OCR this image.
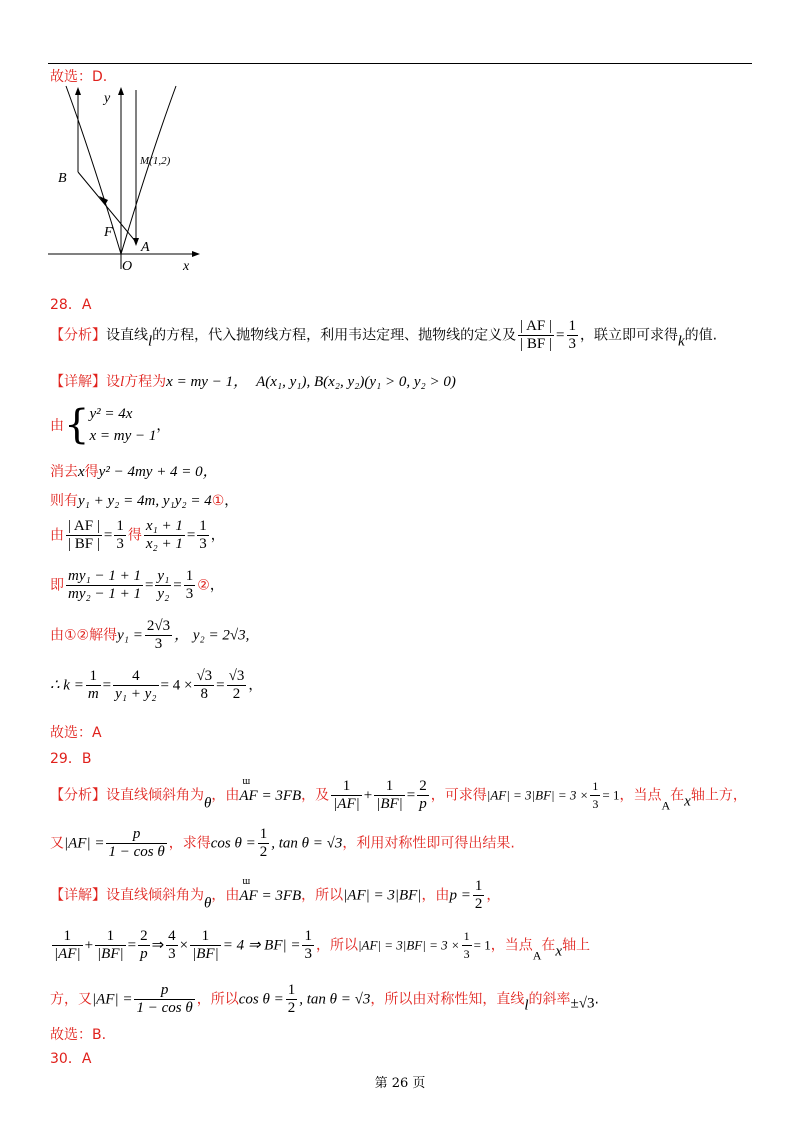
故选：D.
B
F
A
O	x
y
M(1,2)
28．A
【分析】设直线l的方程，代入抛物线方程，利用韦达定理、抛物线的定义及 $\frac{| AF |}{| BF |} = \frac{1}{3}$ ，联立即可求得k的值.
【详解】设l方程为x = my − 1， A(x₁, y₁), B(x₂, y₂)(y₁ > 0, y₂ > 0)
由{ y² = 4x
x = my − 1
，
消去x得y² − 4my + 4 = 0，
则有y₁ + y₂ = 4m, y₁y₂ = 4①，
由 $\frac{| AF |}{| BF |} = \frac{1}{3}$ 得 $\frac{\text{x₁ + 1}}{\text{x₂ + 1}} = \frac{1}{3}$ ，
即 $\frac{\text{my₁ − 1 + 1}}{\text{my₂ − 1 + 1}} = \frac{\text{y₁}}{\text{y₂}} = \frac{1}{3}$ ②，
由①②解得$y_1 = \frac{2√3}{3}$ ， y₂ = 2√3,
∴ $k = \frac{1}{m} = \frac{4}{\text{y₁ + y₂}} = 4 \times \frac{√3}{8} = \frac{√3}{2}$ ，
故选：A
29．B
【分析】设直线倾斜角为θ，由ɯ AF = 3FB，及 $\frac{1}{|AF|} + \frac{1}{|BF|} = \frac{2}{p}$ ，可求得$|AF| = 3|BF| = 3 \times \frac{1}{3} = 1$，当点A在x轴上方，
又$|AF| = \frac{p}{\text{1 − cos θ}}$ ，求得$\cos \theta = \frac{1}{2}$ , tan θ = √3，利用对称性即可得出结果.
【详解】设直线倾斜角为θ，由ɯ AF = 3FB，所以|AF| = 3|BF|，由$p = \frac{1}{2}$ ，
$\frac{1}{|AF|} + \frac{1}{|BF|} = \frac{2}{p}$ ⇒ $\frac{4}{3} \times \frac{1}{|BF|} = 4$ ⇒ $BF| = \frac{1}{3}$ ，所以$|AF| = 3|BF| = 3 \times \frac{1}{3} = 1$，当点A在x轴上
方，又$|AF| = \frac{p}{\text{1 − cos θ}}$ ，所以$\cos \theta = \frac{1}{2}$ , tan θ = √3，所以由对称性知，直线l的斜率±√3.
故选：B.
30．A
第 26 页
